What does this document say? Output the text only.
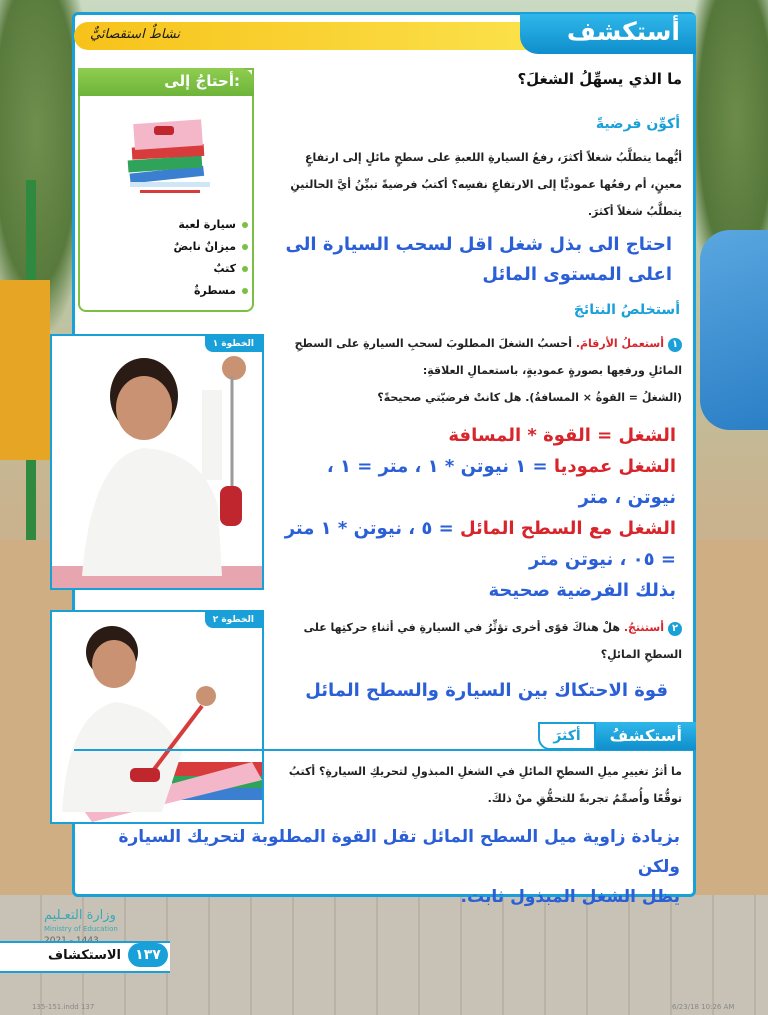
نشاطٌ استقصائيٌّ	أستكشف
ما الذي يسهِّلُ الشغلَ؟
أحتاجُ إلى:
سيارة لعبة
ميزانٌ نابضٌ
كتبٌ
مسطرةٌ
أكوِّن فرضيةً
أيُّهما يتطلَّبُ شغلاً أكثرَ، رفعُ السيارةِ اللعبةِ على سطحٍ مائلٍ إلى ارتفاعٍ
معينٍ، أم رفعُها عموديًّا إلى الارتفاعِ نفسِه؟ أكتبُ فرضيةً تبيِّنُ أيَّ الحالتينِ
يتطلَّبُ شغلاً أكثرَ.
احتاج الى بذل شغل اقل لسحب السيارة الى
اعلى المستوى المائل
أستخلصُ النتائجَ
الخطوة ١	١أستعملُ الأرقامَ. أحسبُ الشغلَ المطلوبَ لسحبِ السيارةِ على السطحِ
المائلِ ورفعِها بصورةٍ عموديةٍ، باستعمالِ العلاقةِ:
(الشغلُ = القوةُ × المسافةُ). هل كانتْ فرضيّتي صحيحةً؟
الشغل = القوة * المسافة
الشغل عموديا = ١ نيوتن * ١ ، متر = ١ ،
نيوتن ، متر
الشغل مع السطح المائل = ٥ ، نيوتن * ١ متر
= ٠٥ ، نيوتن متر
بذلك الفرضية صحيحة
الخطوة ٢
٢أستنتجُ. هلْ هناكَ قوًى أخرى تؤثِّرُ في السيارةِ في أثناءِ حركتِها على
السطحِ المائلِ؟
قوة الاحتكاك بين السيارة والسطح المائل
أستكشفُ
أكثرَ
ما أثرُ تغييرِ ميلِ السطحِ المائلِ في الشغلِ المبذولِ لتحريكِ السيارةِ؟ أكتبُ
توقُّعًا وأُصمِّمُ تجربةً للتحقُّقِ منْ ذلكَ.
بزيادة زاوية ميل السطح المائل تقل القوة المطلوبة لتحريك السيارة ولكن
يظل الشغل المبذول ثابت.
وزارة التعـليم
Ministry of Education
الاستكشاف	١٣٧
135-151.indd 137	6/23/18 10:26 AM
